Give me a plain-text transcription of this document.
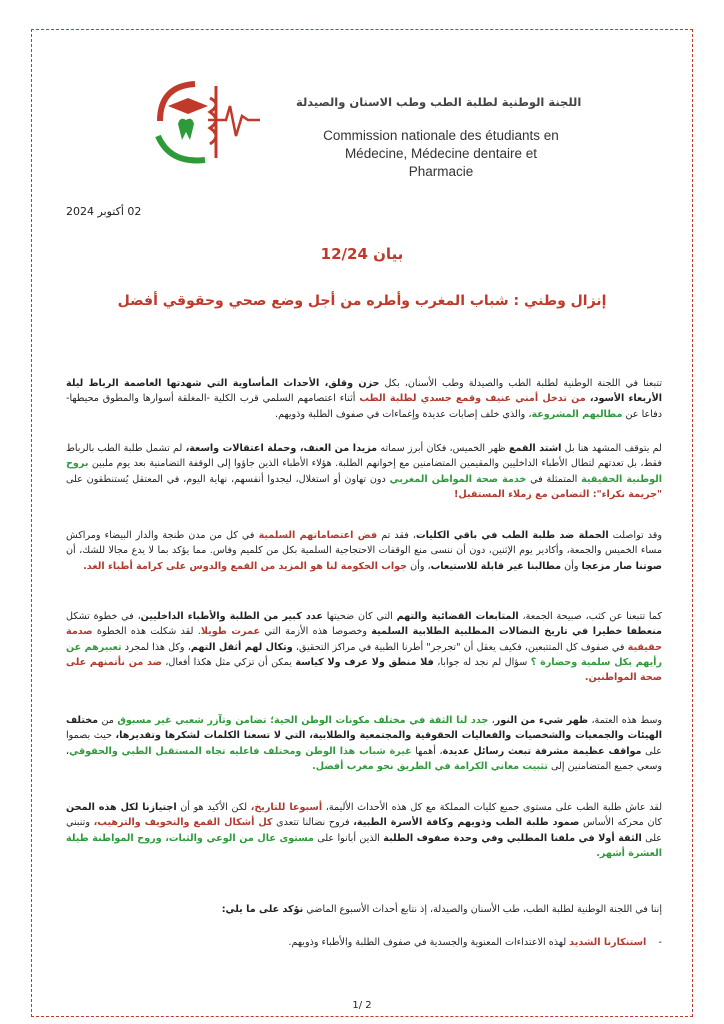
اللجنة الوطنية لطلبة الطب وطب الاسنان والصيدلة
Commission nationale des étudiants en
Médecine, Médecine dentaire et
Pharmacie
02 أكتوبر 2024
بيان 12/24
إنزال وطني : شباب المغرب وأطره من أجل وضع صحي وحقوقي أفضل
تتبعنا في اللجنة الوطنية لطلبة الطب والصيدلة وطب الأسنان، بكل حزن وقلق، الأحداث المأساوية التي شهدتها العاصمة الرباط ليلة الأربعاء الأسود، من تدخل أمني عنيف وقمع جسدي لطلبة الطب أثناء اعتصامهم السلمي قرب الكلية -المغلقة أسوارها والمطوق محيطها- دفاعا عن مطالبهم المشروعة، والذي خلف إصابات عديدة وإغماءات في صفوف الطلبة وذويهم.
لم يتوقف المشهد هنا بل اشتد القمع ظهر الخميس، فكان أبرز سماته مزيدا من العنف، وحملة اعتقالات واسعة، لم تشمل طلبة الطب بالرباط فقط، بل تعدتهم لتطال الأطباء الداخليين والمقيمين المتضامنين مع إخوانهم الطلبة. هؤلاء الأطباء الذين جاؤوا إلى الوقفة التضامنية بعد يوم ملبين بروح الوطنية الحقيقية المتمثلة في خدمة صحة المواطن المغربي دون تهاون أو استغلال، ليجدوا أنفسهم، نهاية اليوم، في المعتقل يُستنطقون على "جريمة نكراء": التضامن مع زملاء المستقبل!
وقد تواصلت الحملة ضد طلبة الطب في باقي الكليات، فقد تم فض اعتصاماتهم السلمية في كل من مدن طنجة والدار البيضاء ومراكش مساء الخميس والجمعة، وأكادير يوم الإثنين، دون أن ننسى منع الوقفات الاحتجاجية السلمية بكل من كلميم وفاس. مما يؤكد بما لا يدع مجالا للشك، أن صوتنا صار مزعجا وأن مطالبنا غير قابلة للاستيعاب، وأن جواب الحكومة لنا هو المزيد من القمع والدوس على كرامة أطباء الغد.
كما تتبعنا عن كثب، صبيحة الجمعة، المتابعات القضائية والتهم التي كان ضحيتها عدد كبير من الطلبة والأطباء الداخليين، في خطوة تشكل منعطفا خطيرا في تاريخ النضالات المطلبية الطلابية السلمية وخصوصا هذه الأزمة التي عمرت طويلا. لقد شكلت هذه الخطوة صدمة حقيقية في صفوف كل المتتبعين، فكيف يعقل أن "تجرجر" أطرنا الطبية في مراكز التحقيق، وتكال لهم أثقل التهم، وكل هذا لمجرد تعبيرهم عن رأيهم بكل سلمية وحضارة ؟ سؤال لم نجد له جوابا، فلا منطق ولا عرف ولا كياسة يمكن أن تزكي مثل هكذا أفعال، ضد من نأتمنهم على صحة المواطنين.
وسط هذه العتمة، ظهر شيء من النور، جدد لنا الثقة في مختلف مكونات الوطن الحية؛ تضامن وتآزر شعبي غير مسبوق من مختلف الهيئات والجمعيات والشخصيات والفعاليات الحقوقية والمجتمعية والطلابية، التي لا تسعنا الكلمات لشكرها وتقديرها، حيث بصموا على مواقف عظيمة مشرفة تبعث رسائل عديدة، أهمها غيرة شباب هذا الوطن ومختلف فاعليه تجاه المستقبل الطبي والحقوقي، وسعي جميع المتضامنين إلى تثبيت معاني الكرامة في الطريق نحو مغرب أفضل.
لقد عاش طلبة الطب على مستوى جميع كليات المملكة مع كل هذه الأحداث الأليمة، أسبوعا للتاريخ، لكن الأكيد هو أن اجتيازنا لكل هذه المحن كان محركه الأساس صمود طلبة الطب وذويهم وكافة الأسرة الطبية، فروح نضالنا تتعدى كل أشكال القمع والتخويف والترهيب، وتنبني على الثقة أولا في ملفنا المطلبي وفي وحدة صفوف الطلبة الذين أبانوا على مستوى عال من الوعي والثبات، وروح المواطنة طيلة العشرة أشهر.
إننا في اللجنة الوطنية لطلبة الطب، طب الأسنان والصيدلة، إذ نتابع أحداث الأسبوع الماضي نؤكد على ما يلي:
-    استنكارنا الشديد لهذه الاعتداءات المعنوية والجسدية في صفوف الطلبة والأطباء وذويهم.
1/ 2
